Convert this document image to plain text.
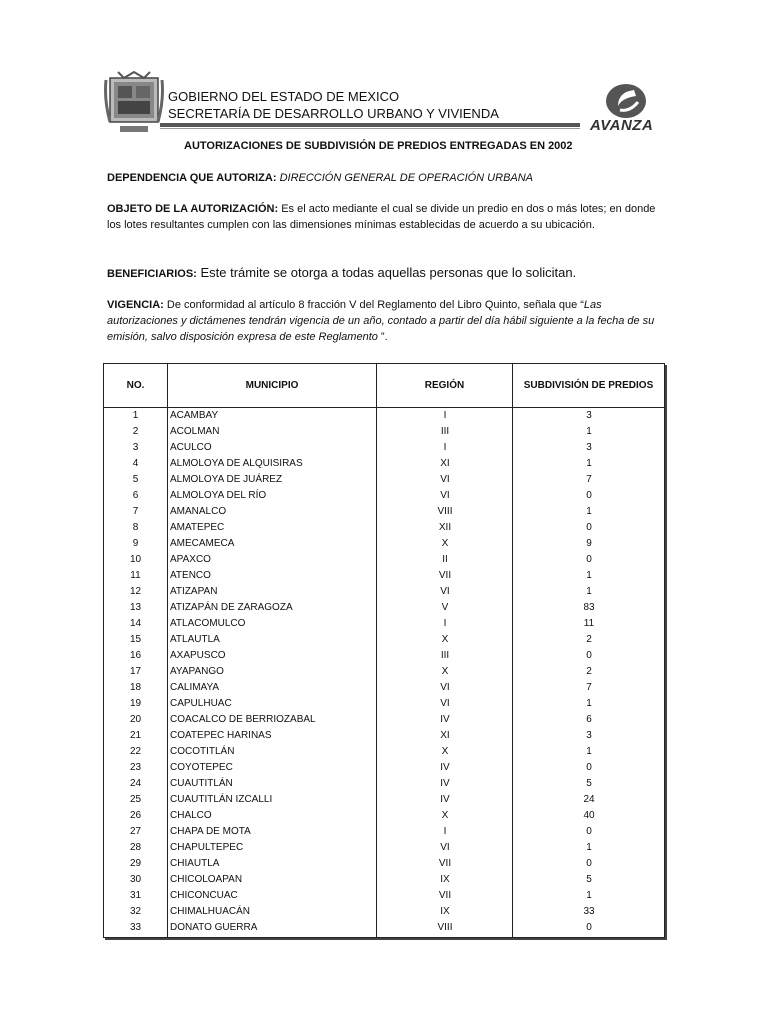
GOBIERNO DEL ESTADO DE MEXICO
SECRETARÍA DE DESARROLLO URBANO Y VIVIENDA
AVANZA
AUTORIZACIONES DE SUBDIVISIÓN DE PREDIOS ENTREGADAS EN 2002
DEPENDENCIA QUE AUTORIZA: DIRECCIÓN GENERAL DE OPERACIÓN URBANA
OBJETO DE LA AUTORIZACIÓN: Es el acto mediante el cual se divide un predio en dos o más lotes; en donde los lotes resultantes cumplen con las dimensiones mínimas establecidas de acuerdo a su ubicación.
BENEFICIARIOS: Este trámite se otorga a todas aquellas personas que lo solicitan.
VIGENCIA: De conformidad al artículo 8 fracción V del Reglamento del Libro Quinto, señala que “Las autorizaciones y dictámenes tendrán vigencia de un año, contado a partir del día hábil siguiente a la fecha de su emisión, salvo disposición expresa de este Reglamento ”.
NO.	MUNICIPIO	REGIÓN	SUBDIVISIÓN DE PREDIOS
1	ACAMBAY	I	3
2	ACOLMAN	III	1
3	ACULCO	I	3
4	ALMOLOYA DE ALQUISIRAS	XI	1
5	ALMOLOYA DE JUÁREZ	VI	7
6	ALMOLOYA DEL RÍO	VI	0
7	AMANALCO	VIII	1
8	AMATEPEC	XII	0
9	AMECAMECA	X	9
10	APAXCO	II	0
11	ATENCO	VII	1
12	ATIZAPAN	VI	1
13	ATIZAPÁN DE ZARAGOZA	V	83
14	ATLACOMULCO	I	11
15	ATLAUTLA	X	2
16	AXAPUSCO	III	0
17	AYAPANGO	X	2
18	CALIMAYA	VI	7
19	CAPULHUAC	VI	1
20	COACALCO DE BERRIOZABAL	IV	6
21	COATEPEC HARINAS	XI	3
22	COCOTITLÁN	X	1
23	COYOTEPEC	IV	0
24	CUAUTITLÁN	IV	5
25	CUAUTITLÁN IZCALLI	IV	24
26	CHALCO	X	40
27	CHAPA DE MOTA	I	0
28	CHAPULTEPEC	VI	1
29	CHIAUTLA	VII	0
30	CHICOLOAPAN	IX	5
31	CHICONCUAC	VII	1
32	CHIMALHUACÁN	IX	33
33	DONATO GUERRA	VIII	0
